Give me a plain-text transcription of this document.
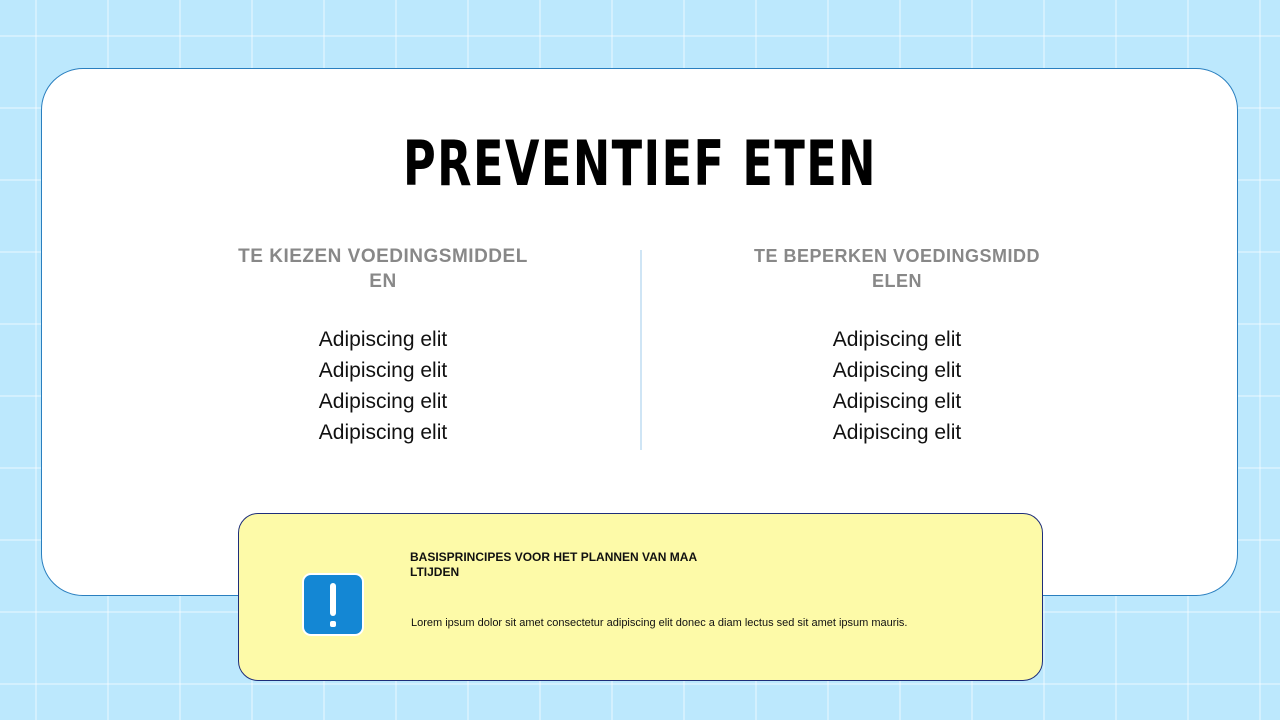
PREVENTIEF ETEN
TE KIEZEN VOEDINGSMIDDELEN
Adipiscing elit
Adipiscing elit
Adipiscing elit
Adipiscing elit
TE BEPERKEN VOEDINGSMIDDELEN
Adipiscing elit
Adipiscing elit
Adipiscing elit
Adipiscing elit
BASISPRINCIPES VOOR HET PLANNEN VAN MAALTIJDEN
Lorem ipsum dolor sit amet consectetur adipiscing elit donec a diam lectus sed sit amet ipsum mauris.
